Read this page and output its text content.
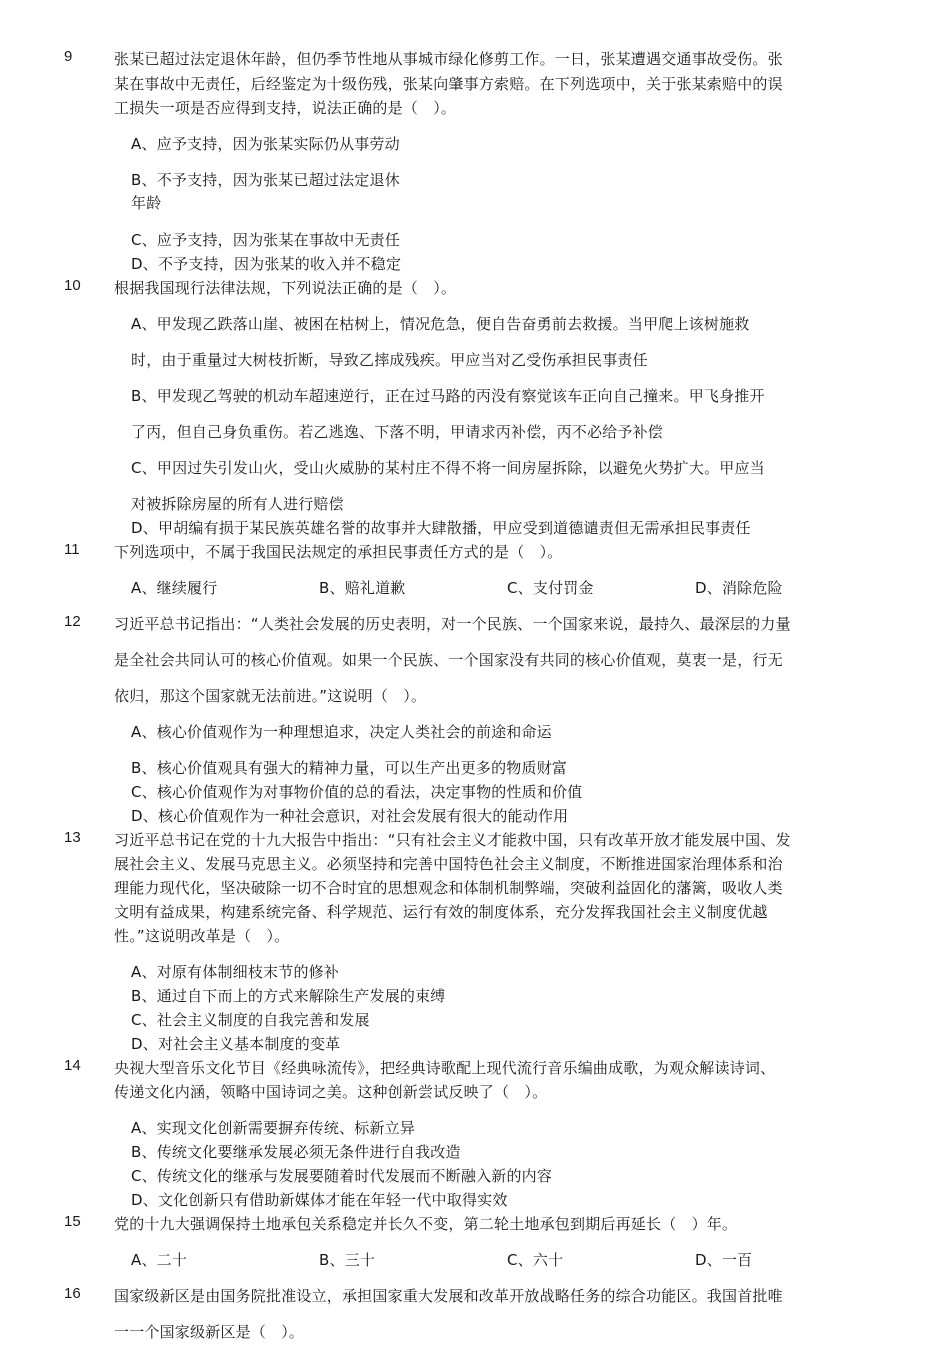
9	张某已超过法定退休年龄，但仍季节性地从事城市绿化修剪工作。一日，张某遭遇交通事故受伤。张
某在事故中无责任，后经鉴定为十级伤残，张某向肇事方索赔。在下列选项中，关于张某索赔中的误
工损失一项是否应得到支持，说法正确的是（　）。
A、应予支持，因为张某实际仍从事劳动
B、不予支持，因为张某已超过法定退休
年龄
C、应予支持，因为张某在事故中无责任
D、不予支持，因为张某的收入并不稳定
10 根据我国现行法律法规，下列说法正确的是（　）。
A、甲发现乙跌落山崖、被困在枯树上，情况危急，便自告奋勇前去救援。当甲爬上该树施救
时，由于重量过大树枝折断，导致乙摔成残疾。甲应当对乙受伤承担民事责任
B、甲发现乙驾驶的机动车超速逆行，正在过马路的丙没有察觉该车正向自己撞来。甲飞身推开
了丙，但自己身负重伤。若乙逃逸、下落不明，甲请求丙补偿，丙不必给予补偿
C、甲因过失引发山火，受山火威胁的某村庄不得不将一间房屋拆除，以避免火势扩大。甲应当
对被拆除房屋的所有人进行赔偿
D、甲胡编有损于某民族英雄名誉的故事并大肆散播，甲应受到道德谴责但无需承担民事责任
11 下列选项中，不属于我国民法规定的承担民事责任方式的是（　）。
A、继续履行	B、赔礼道歉	C、支付罚金	D、消除危险
12 习近平总书记指出：“人类社会发展的历史表明，对一个民族、一个国家来说，最持久、最深层的力量
是全社会共同认可的核心价值观。如果一个民族、一个国家没有共同的核心价值观，莫衷一是，行无
依归，那这个国家就无法前进。”这说明（　）。
A、核心价值观作为一种理想追求，决定人类社会的前途和命运
B、核心价值观具有强大的精神力量，可以生产出更多的物质财富
C、核心价值观作为对事物价值的总的看法，决定事物的性质和价值
D、核心价值观作为一种社会意识，对社会发展有很大的能动作用
13 习近平总书记在党的十九大报告中指出：“只有社会主义才能救中国，只有改革开放才能发展中国、发
展社会主义、发展马克思主义。必须坚持和完善中国特色社会主义制度，不断推进国家治理体系和治
理能力现代化，坚决破除一切不合时宜的思想观念和体制机制弊端，突破利益固化的藩篱，吸收人类
文明有益成果，构建系统完备、科学规范、运行有效的制度体系，充分发挥我国社会主义制度优越
性。”这说明改革是（　）。
A、对原有体制细枝末节的修补
B、通过自下而上的方式来解除生产发展的束缚
C、社会主义制度的自我完善和发展
D、对社会主义基本制度的变革
14 央视大型音乐文化节目《经典咏流传》，把经典诗歌配上现代流行音乐编曲成歌，为观众解读诗词、
传递文化内涵，领略中国诗词之美。这种创新尝试反映了（　）。
A、实现文化创新需要摒弃传统、标新立异
B、传统文化要继承发展必须无条件进行自我改造
C、传统文化的继承与发展要随着时代发展而不断融入新的内容
D、文化创新只有借助新媒体才能在年轻一代中取得实效
15 党的十九大强调保持土地承包关系稳定并长久不变，第二轮土地承包到期后再延长（　）年。
A、二十	B、三十	C、六十	D、一百
16 国家级新区是由国务院批准设立，承担国家重大发展和改革开放战略任务的综合功能区。我国首批唯
一一个国家级新区是（　）。
